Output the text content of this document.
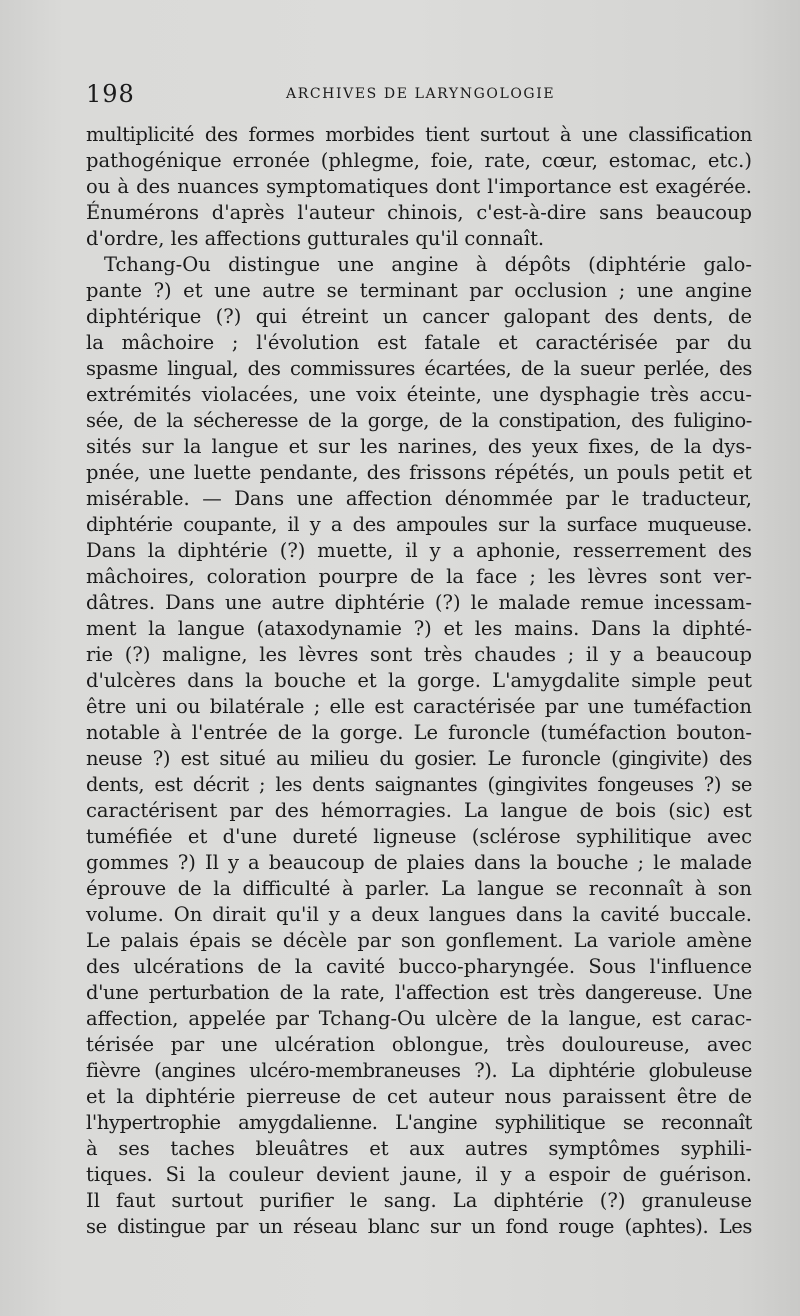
198	ARCHIVES DE LARYNGOLOGIE
multiplicité des formes morbides tient surtout à une classification
pathogénique erronée (phlegme, foie, rate, cœur, estomac, etc.)
ou à des nuances symptomatiques dont l'importance est exagérée.
Énumérons d'après l'auteur chinois, c'est-à-dire sans beaucoup
d'ordre, les affections gutturales qu'il connaît.
Tchang-Ou distingue une angine à dépôts (diphtérie galo-
pante ?) et une autre se terminant par occlusion ; une angine
diphtérique (?) qui étreint un cancer galopant des dents, de
la mâchoire ; l'évolution est fatale et caractérisée par du
spasme lingual, des commissures écartées, de la sueur perlée, des
extrémités violacées, une voix éteinte, une dysphagie très accu-
sée, de la sécheresse de la gorge, de la constipation, des fuligino-
sités sur la langue et sur les narines, des yeux fixes, de la dys-
pnée, une luette pendante, des frissons répétés, un pouls petit et
misérable. — Dans une affection dénommée par le traducteur,
diphtérie coupante, il y a des ampoules sur la surface muqueuse.
Dans la diphtérie (?) muette, il y a aphonie, resserrement des
mâchoires, coloration pourpre de la face ; les lèvres sont ver-
dâtres. Dans une autre diphtérie (?) le malade remue incessam-
ment la langue (ataxodynamie ?) et les mains. Dans la diphté-
rie (?) maligne, les lèvres sont très chaudes ; il y a beaucoup
d'ulcères dans la bouche et la gorge. L'amygdalite simple peut
être uni ou bilatérale ; elle est caractérisée par une tuméfaction
notable à l'entrée de la gorge. Le furoncle (tuméfaction bouton-
neuse ?) est situé au milieu du gosier. Le furoncle (gingivite) des
dents, est décrit ; les dents saignantes (gingivites fongeuses ?) se
caractérisent par des hémorragies. La langue de bois (sic) est
tuméfiée et d'une dureté ligneuse (sclérose syphilitique avec
gommes ?) Il y a beaucoup de plaies dans la bouche ; le malade
éprouve de la difficulté à parler. La langue se reconnaît à son
volume. On dirait qu'il y a deux langues dans la cavité buccale.
Le palais épais se décèle par son gonflement. La variole amène
des ulcérations de la cavité bucco-pharyngée. Sous l'influence
d'une perturbation de la rate, l'affection est très dangereuse. Une
affection, appelée par Tchang-Ou ulcère de la langue, est carac-
térisée par une ulcération oblongue, très douloureuse, avec
fièvre (angines ulcéro-membraneuses ?). La diphtérie globuleuse
et la diphtérie pierreuse de cet auteur nous paraissent être de
l'hypertrophie amygdalienne. L'angine syphilitique se reconnaît
à ses taches bleuâtres et aux autres symptômes syphili-
tiques. Si la couleur devient jaune, il y a espoir de guérison.
Il faut surtout purifier le sang. La diphtérie (?) granuleuse
se distingue par un réseau blanc sur un fond rouge (aphtes). Les
